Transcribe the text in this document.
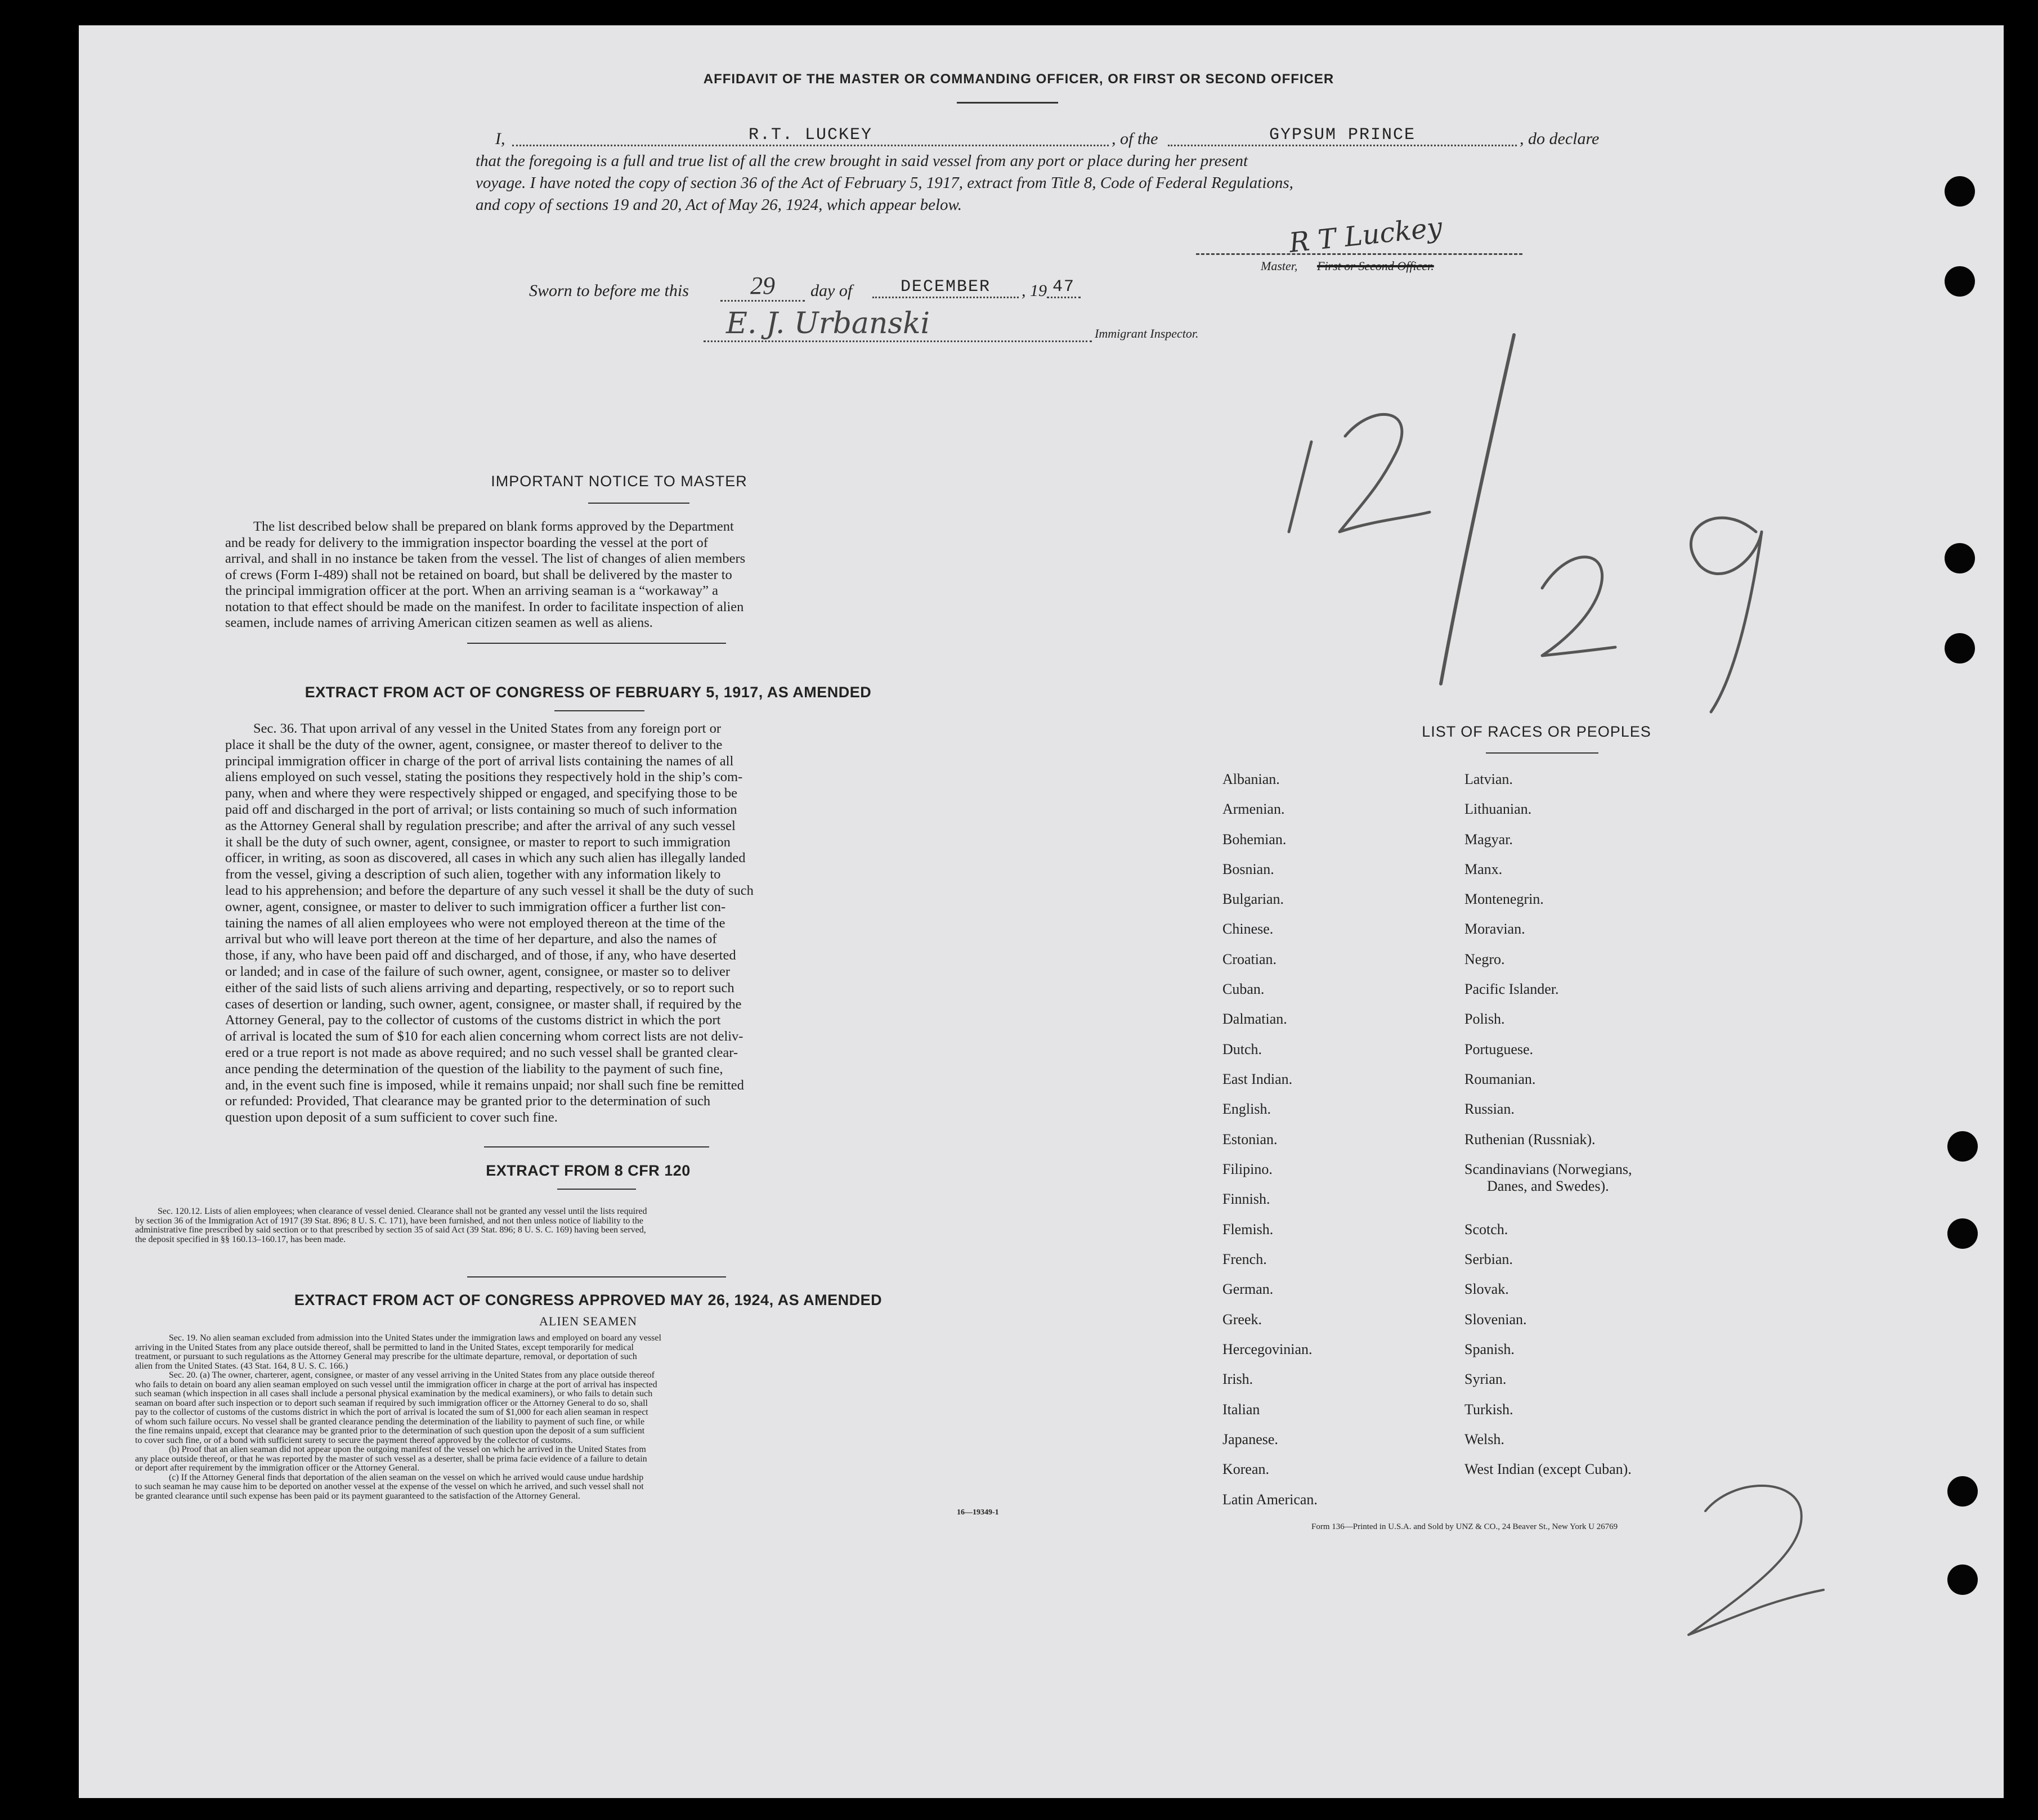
AFFIDAVIT OF THE MASTER OR COMMANDING OFFICER, OR FIRST OR SECOND OFFICER
I,	R.T. LUCKEY	, of the	GYPSUM PRINCE	, do declare
that the foregoing is a full and true list of all the crew brought in said vessel from any port or place during her present
voyage. I have noted the copy of section 36 of the Act of February 5, 1917, extract from Title 8, Code of Federal Regulations,
and copy of sections 19 and 20, Act of May 26, 1924, which appear below.
R T Luckey
Master, First or Second Officer.
Sworn to before me this	29	day of	DECEMBER	, 19 47
E. J. Urbanski	Immigrant Inspector.
IMPORTANT NOTICE TO MASTER
The list described below shall be prepared on blank forms approved by the Department
and be ready for delivery to the immigration inspector boarding the vessel at the port of
arrival, and shall in no instance be taken from the vessel. The list of changes of alien members
of crews (Form I-489) shall not be retained on board, but shall be delivered by the master to
the principal immigration officer at the port. When an arriving seaman is a “workaway” a
notation to that effect should be made on the manifest. In order to facilitate inspection of alien
seamen, include names of arriving American citizen seamen as well as aliens.
EXTRACT FROM ACT OF CONGRESS OF FEBRUARY 5, 1917, AS AMENDED
Sec. 36. That upon arrival of any vessel in the United States from any foreign port or
place it shall be the duty of the owner, agent, consignee, or master thereof to deliver to the
principal immigration officer in charge of the port of arrival lists containing the names of all
aliens employed on such vessel, stating the positions they respectively hold in the ship’s com-
pany, when and where they were respectively shipped or engaged, and specifying those to be
paid off and discharged in the port of arrival; or lists containing so much of such information
as the Attorney General shall by regulation prescribe; and after the arrival of any such vessel
it shall be the duty of such owner, agent, consignee, or master to report to such immigration
officer, in writing, as soon as discovered, all cases in which any such alien has illegally landed
from the vessel, giving a description of such alien, together with any information likely to
lead to his apprehension; and before the departure of any such vessel it shall be the duty of such
owner, agent, consignee, or master to deliver to such immigration officer a further list con-
taining the names of all alien employees who were not employed thereon at the time of the
arrival but who will leave port thereon at the time of her departure, and also the names of
those, if any, who have been paid off and discharged, and of those, if any, who have deserted
or landed; and in case of the failure of such owner, agent, consignee, or master so to deliver
either of the said lists of such aliens arriving and departing, respectively, or so to report such
cases of desertion or landing, such owner, agent, consignee, or master shall, if required by the
Attorney General, pay to the collector of customs of the customs district in which the port
of arrival is located the sum of $10 for each alien concerning whom correct lists are not deliv-
ered or a true report is not made as above required; and no such vessel shall be granted clear-
ance pending the determination of the question of the liability to the payment of such fine,
and, in the event such fine is imposed, while it remains unpaid; nor shall such fine be remitted
or refunded: Provided, That clearance may be granted prior to the determination of such
question upon deposit of a sum sufficient to cover such fine.
EXTRACT FROM 8 CFR 120
Sec. 120.12. Lists of alien employees; when clearance of vessel denied. Clearance shall not be granted any vessel until the lists required
by section 36 of the Immigration Act of 1917 (39 Stat. 896; 8 U. S. C. 171), have been furnished, and not then unless notice of liability to the
administrative fine prescribed by said section or to that prescribed by section 35 of said Act (39 Stat. 896; 8 U. S. C. 169) having been served,
the deposit specified in §§ 160.13–160.17, has been made.
EXTRACT FROM ACT OF CONGRESS APPROVED MAY 26, 1924, AS AMENDED
ALIEN SEAMEN
Sec. 19. No alien seaman excluded from admission into the United States under the immigration laws and employed on board any vessel
arriving in the United States from any place outside thereof, shall be permitted to land in the United States, except temporarily for medical
treatment, or pursuant to such regulations as the Attorney General may prescribe for the ultimate departure, removal, or deportation of such
alien from the United States. (43 Stat. 164, 8 U. S. C. 166.)
Sec. 20. (a) The owner, charterer, agent, consignee, or master of any vessel arriving in the United States from any place outside thereof
who fails to detain on board any alien seaman employed on such vessel until the immigration officer in charge at the port of arrival has inspected
such seaman (which inspection in all cases shall include a personal physical examination by the medical examiners), or who fails to detain such
seaman on board after such inspection or to deport such seaman if required by such immigration officer or the Attorney General to do so, shall
pay to the collector of customs of the customs district in which the port of arrival is located the sum of $1,000 for each alien seaman in respect
of whom such failure occurs. No vessel shall be granted clearance pending the determination of the liability to payment of such fine, or while
the fine remains unpaid, except that clearance may be granted prior to the determination of such question upon the deposit of a sum sufficient
to cover such fine, or of a bond with sufficient surety to secure the payment thereof approved by the collector of customs.
(b) Proof that an alien seaman did not appear upon the outgoing manifest of the vessel on which he arrived in the United States from
any place outside thereof, or that he was reported by the master of such vessel as a deserter, shall be prima facie evidence of a failure to detain
or deport after requirement by the immigration officer or the Attorney General.
(c) If the Attorney General finds that deportation of the alien seaman on the vessel on which he arrived would cause undue hardship
to such seaman he may cause him to be deported on another vessel at the expense of the vessel on which he arrived, and such vessel shall not
be granted clearance until such expense has been paid or its payment guaranteed to the satisfaction of the Attorney General.
16—19349-1
LIST OF RACES OR PEOPLES
Albanian.
Armenian.
Bohemian.
Bosnian.
Bulgarian.
Chinese.
Croatian.
Cuban.
Dalmatian.
Dutch.
East Indian.
English.
Estonian.
Filipino.
Finnish.
Flemish.
French.
German.
Greek.
Hercegovinian.
Irish.
Italian
Japanese.
Korean.
Latin American.
Latvian.
Lithuanian.
Magyar.
Manx.
Montenegrin.
Moravian.
Negro.
Pacific Islander.
Polish.
Portuguese.
Roumanian.
Russian.
Ruthenian (Russniak).
Scandinavians (Norwegians,
Danes, and Swedes).
Scotch.
Serbian.
Slovak.
Slovenian.
Spanish.
Syrian.
Turkish.
Welsh.
West Indian (except Cuban).
Form 136—Printed in U.S.A. and Sold by UNZ & CO., 24 Beaver St., New York U 26769
